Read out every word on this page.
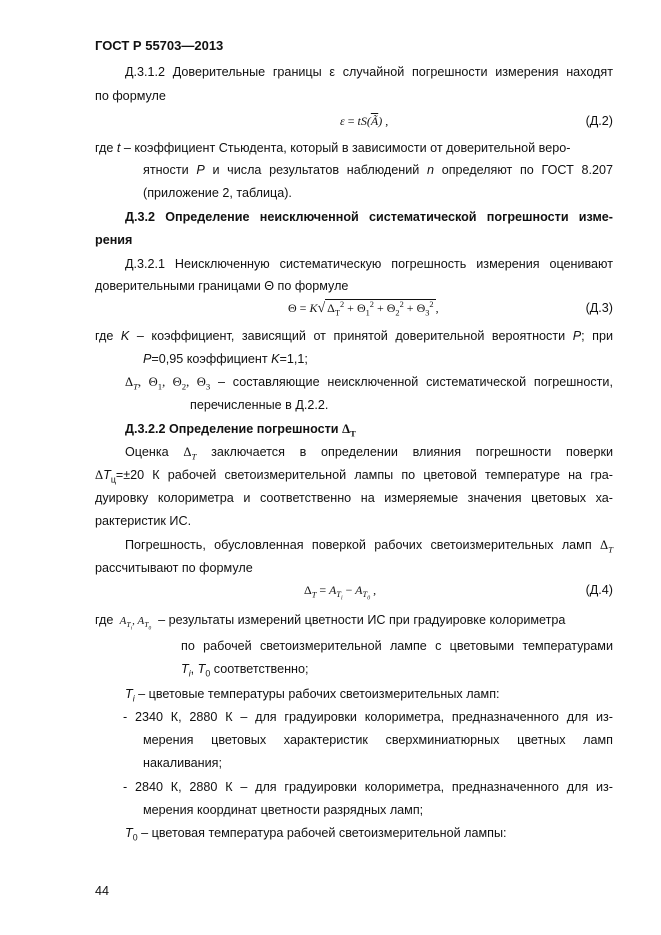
ГОСТ Р 55703—2013
Д.3.1.2 Доверительные границы ε случайной погрешности измерения находят
по формуле
$\varepsilon = tS(\overline{Ã})$ ,	(Д.2)
где t – коэффициент Стьюдента, который в зависимости от доверительной веро-
ятности P и числа результатов наблюдений n определяют по ГОСТ 8.207
(приложение 2, таблица).
Д.3.2 Определение неисключенной систематической погрешности изме-
рения
Д.3.2.1 Неисключенную систематическую погрешность измерения оценивают
доверительными границами Θ по формуле
Θ = K√ $\Delta_T^2 + \Theta_1^2 + \Theta_2^2 + \Theta_3^2$ ,	(Д.3)
где K – коэффициент, зависящий от принятой доверительной вероятности P; при
P=0,95 коэффициент K=1,1;
$\Delta_T$, $\Theta_1$, $\Theta_2$, $\Theta_3$ – составляющие неисключенной систематической погрешности,
перечисленные в Д.2.2.
Д.3.2.2 Определение погрешности $\Delta_T$
Оценка $\Delta_T$ заключается в определении влияния погрешности поверки
$\Delta T_ц=\pm 20$ К рабочей светоизмерительной лампы по цветовой температуре на гра-
дуировку колориметра и соответственно на измеряемые значения цветовых ха-
рактеристик ИС.
Погрешность, обусловленная поверкой рабочих светоизмерительных ламп $\Delta_T$
рассчитывают по формуле
$\Delta_T = A_{T_i} - A_{T_0}$ ,	(Д.4)
где  $A_{T_i}$, $A_{T_0}$  – результаты измерений цветности ИС при градуировке колориметра
по рабочей светоизмерительной лампе с цветовыми температурами
$T_i$, $T_0$ соответственно;
$T_i$ – цветовые температуры рабочих светоизмерительных ламп:
- 2340 К, 2880 К – для градуировки колориметра, предназначенного для из-
мерения цветовых характеристик сверхминиатюрных цветных ламп
накаливания;
- 2840 К, 2880 К – для градуировки колориметра, предназначенного для из-
мерения координат цветности разрядных ламп;
$T_0$ – цветовая температура рабочей светоизмерительной лампы:
44
